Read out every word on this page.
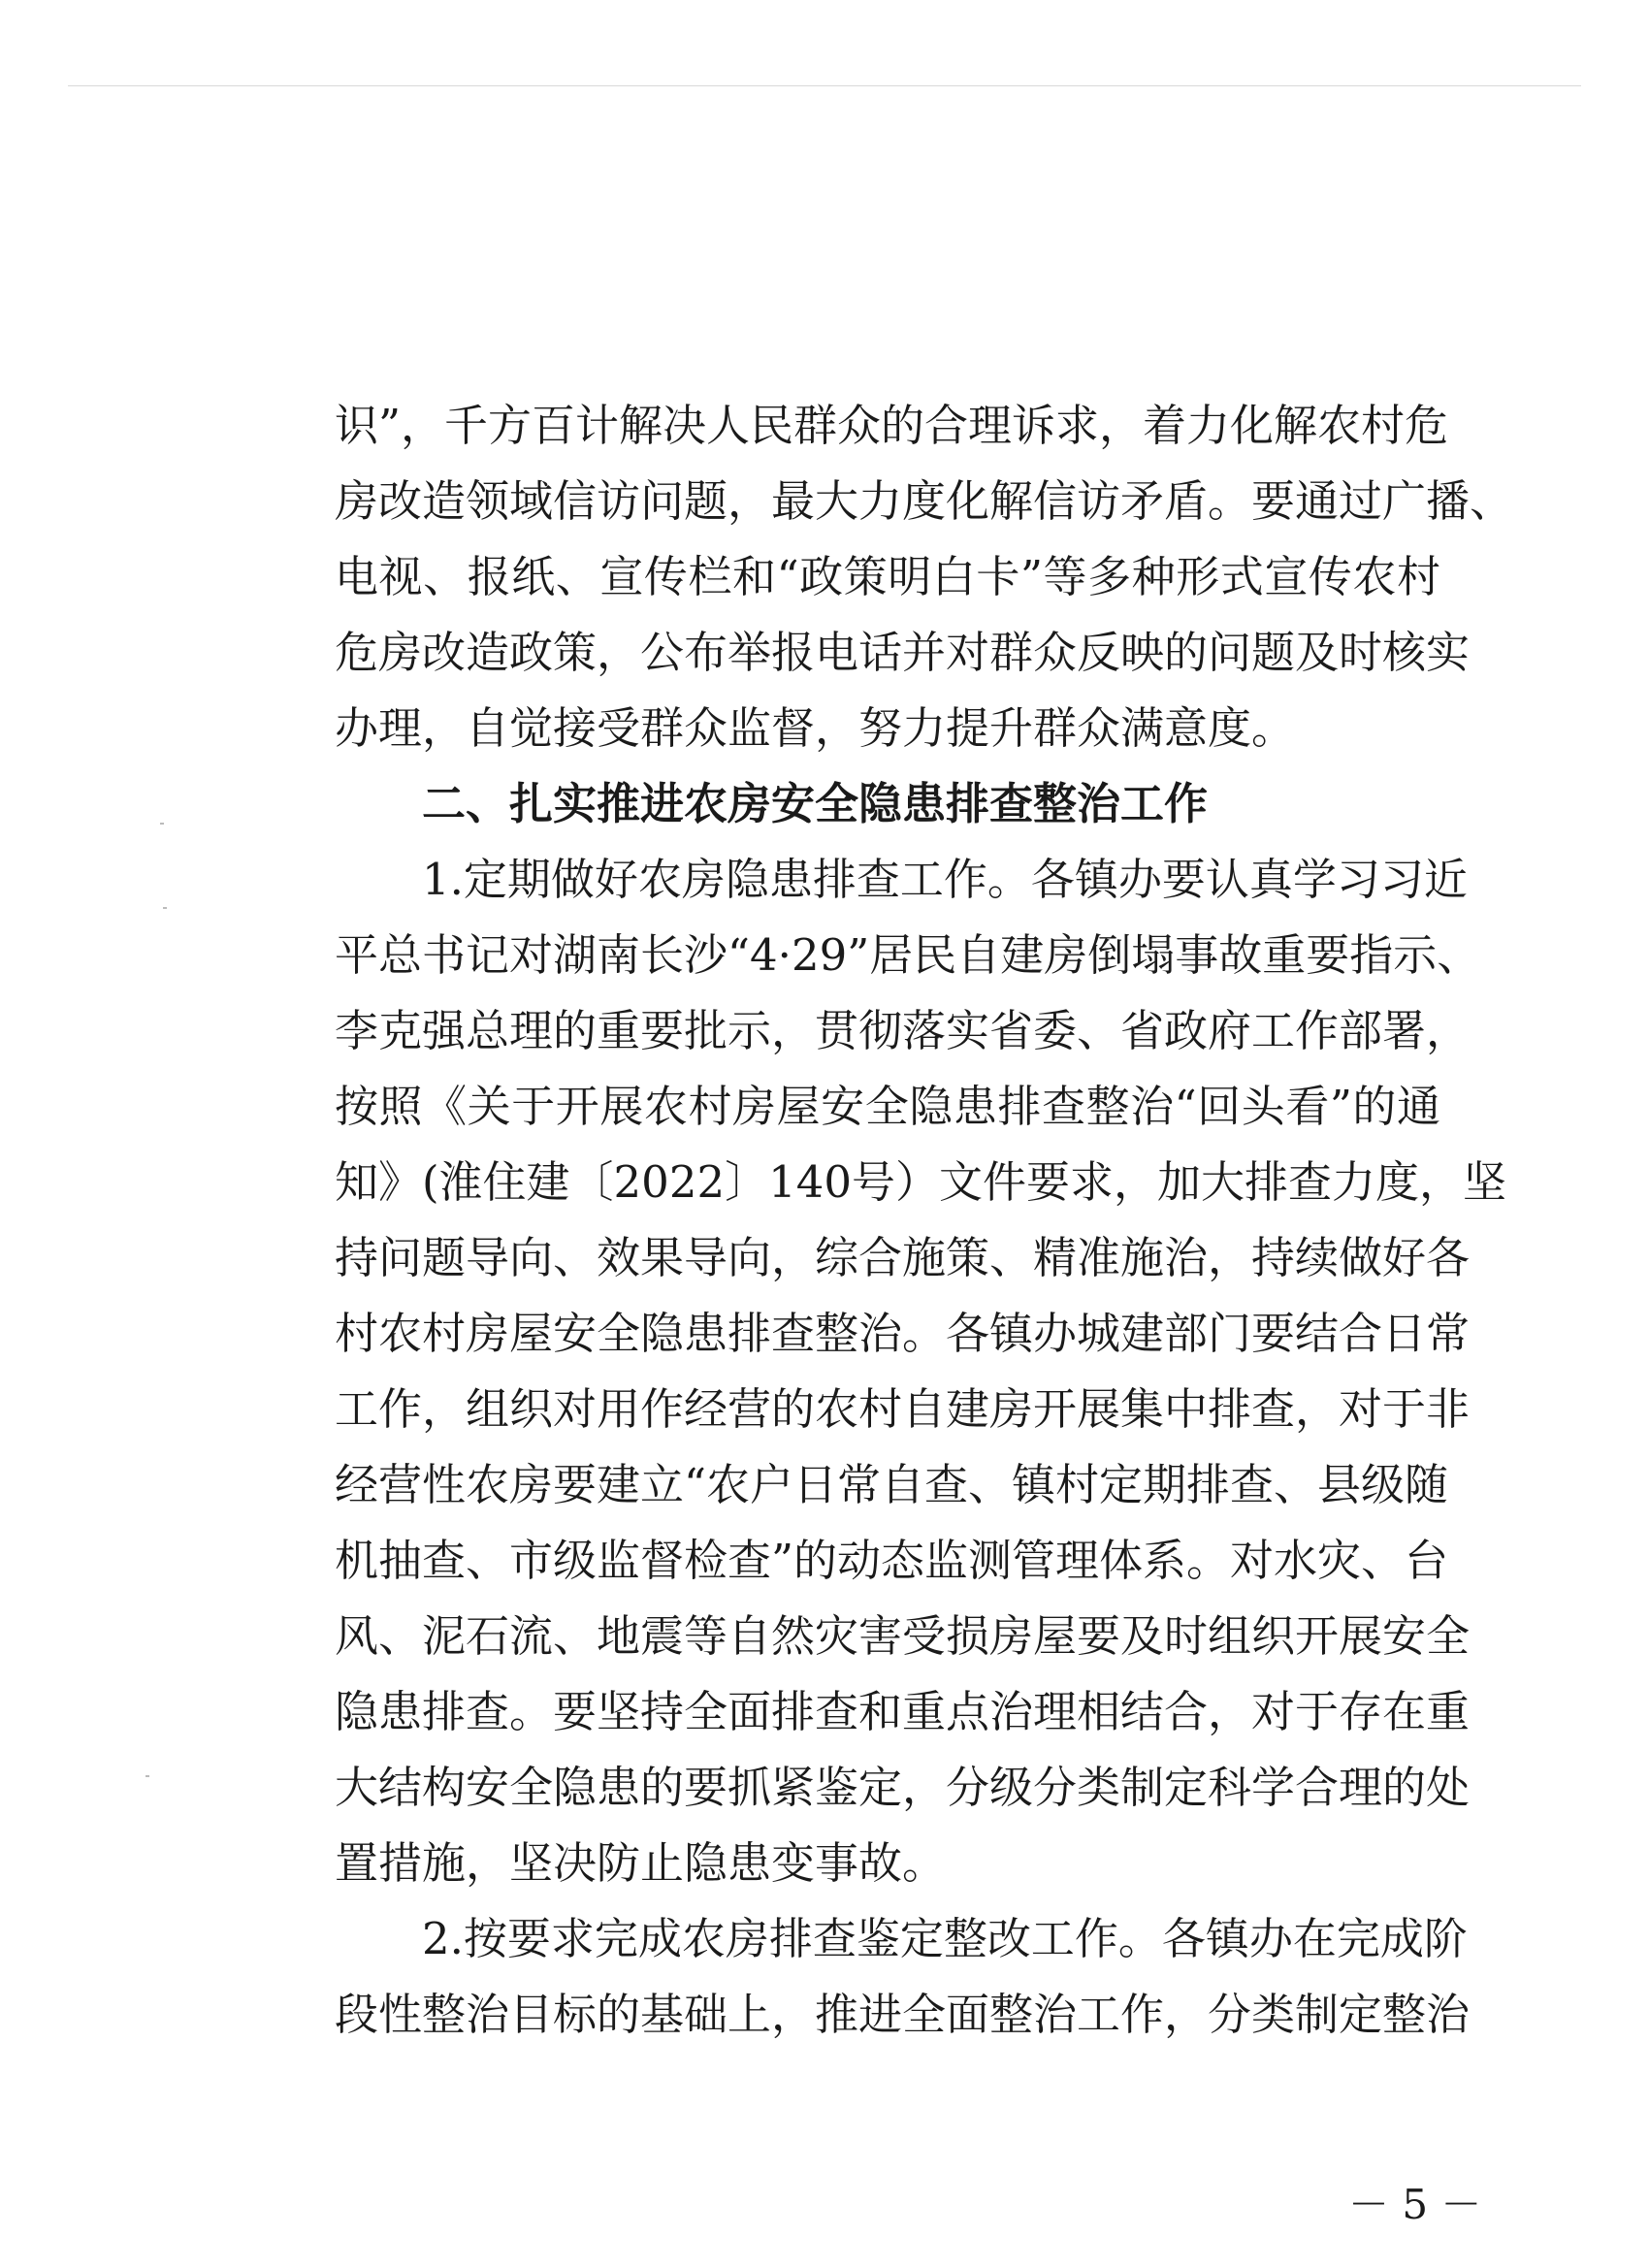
识”，千方百计解决人民群众的合理诉求，着力化解农村危
房改造领域信访问题，最大力度化解信访矛盾。要通过广播、
电视、报纸、宣传栏和“政策明白卡”等多种形式宣传农村
危房改造政策，公布举报电话并对群众反映的问题及时核实
办理，自觉接受群众监督，努力提升群众满意度。
二、扎实推进农房安全隐患排查整治工作
1.定期做好农房隐患排查工作。各镇办要认真学习习近
平总书记对湖南长沙“4·29”居民自建房倒塌事故重要指示、
李克强总理的重要批示，贯彻落实省委、省政府工作部署，
按照《关于开展农村房屋安全隐患排查整治“回头看”的通
知》(淮住建〔2022〕140号）文件要求，加大排查力度，坚
持问题导向、效果导向，综合施策、精准施治，持续做好各
村农村房屋安全隐患排查整治。各镇办城建部门要结合日常
工作，组织对用作经营的农村自建房开展集中排查，对于非
经营性农房要建立“农户日常自查、镇村定期排查、县级随
机抽查、市级监督检查”的动态监测管理体系。对水灾、台
风、泥石流、地震等自然灾害受损房屋要及时组织开展安全
隐患排查。要坚持全面排查和重点治理相结合，对于存在重
大结构安全隐患的要抓紧鉴定，分级分类制定科学合理的处
置措施，坚决防止隐患变事故。
2.按要求完成农房排查鉴定整改工作。各镇办在完成阶
段性整治目标的基础上，推进全面整治工作，分类制定整治
－ 5 －
